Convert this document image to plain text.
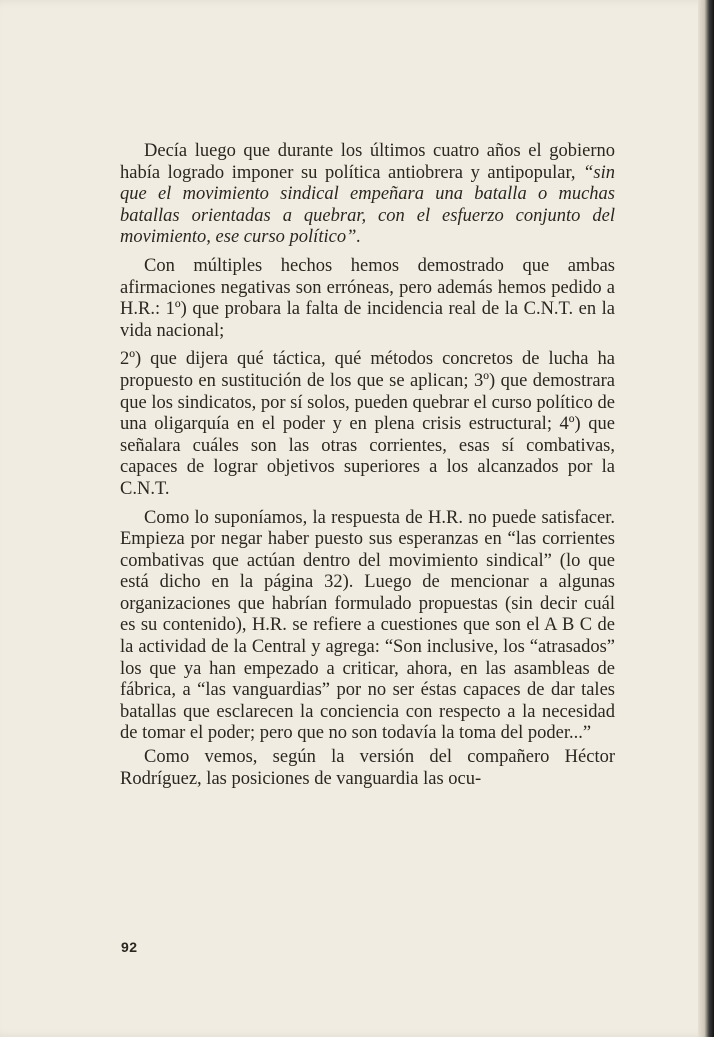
Decía luego que durante los últimos cuatro años el gobierno había logrado imponer su política antiobrera y antipopular, “sin que el movimiento sindical empeñara una batalla o muchas batallas orientadas a quebrar, con el esfuerzo conjunto del movimiento, ese curso político”.

Con múltiples hechos hemos demostrado que ambas afirmaciones negativas son erróneas, pero además hemos pedido a H.R.: 1º) que probara la falta de incidencia real de la C.N.T. en la vida nacional;

2º) que dijera qué táctica, qué métodos concretos de lucha ha propuesto en sustitución de los que se aplican; 3º) que demostrara que los sindicatos, por sí solos, pueden quebrar el curso político de una oligarquía en el poder y en plena crisis estructural; 4º) que señalara cuáles son las otras corrientes, esas sí combativas, capaces de lograr objetivos superiores a los alcanzados por la C.N.T.

Como lo suponíamos, la respuesta de H.R. no puede satisfacer. Empieza por negar haber puesto sus esperanzas en “las corrientes combativas que actúan dentro del movimiento sindical” (lo que está dicho en la página 32). Luego de mencionar a algunas organizaciones que habrían formulado propuestas (sin decir cuál es su contenido), H.R. se refiere a cuestiones que son el A B C de la actividad de la Central y agrega: “Son inclusive, los “atrasados” los que ya han empezado a criticar, ahora, en las asambleas de fábrica, a “las vanguardias” por no ser éstas capaces de dar tales batallas que esclarecen la conciencia con respecto a la necesidad de tomar el poder; pero que no son todavía la toma del poder...”

Como vemos, según la versión del compañero Héctor Rodríguez, las posiciones de vanguardia las ocu-

92
